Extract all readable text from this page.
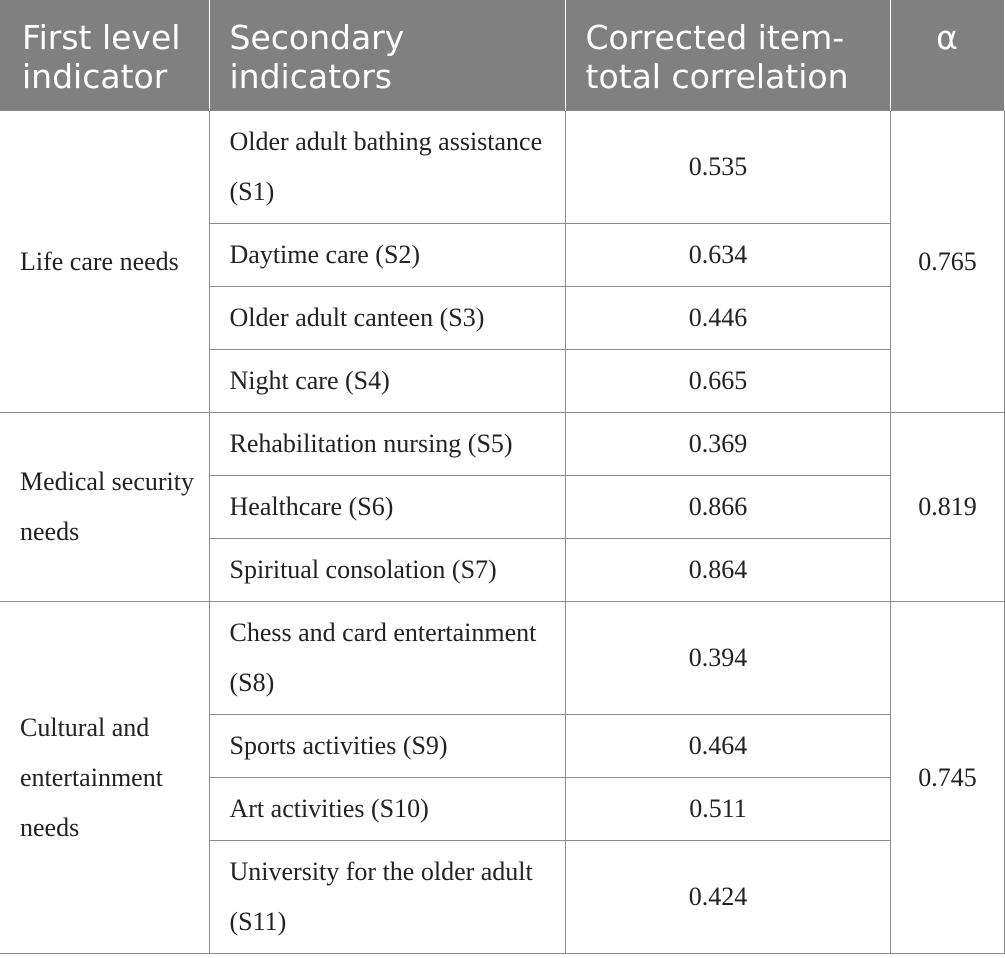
First level indicator	Secondary indicators	Corrected item-total correlation	α
Life care needs	Older adult bathing assistance (S1)	0.535	0.765
	Daytime care (S2)	0.634	
	Older adult canteen (S3)	0.446	
	Night care (S4)	0.665	
Medical security needs	Rehabilitation nursing (S5)	0.369	0.819
	Healthcare (S6)	0.866	
	Spiritual consolation (S7)	0.864	
Cultural and entertainment needs	Chess and card entertainment (S8)	0.394	0.745
	Sports activities (S9)	0.464	
	Art activities (S10)	0.511	
	University for the older adult (S11)	0.424	
